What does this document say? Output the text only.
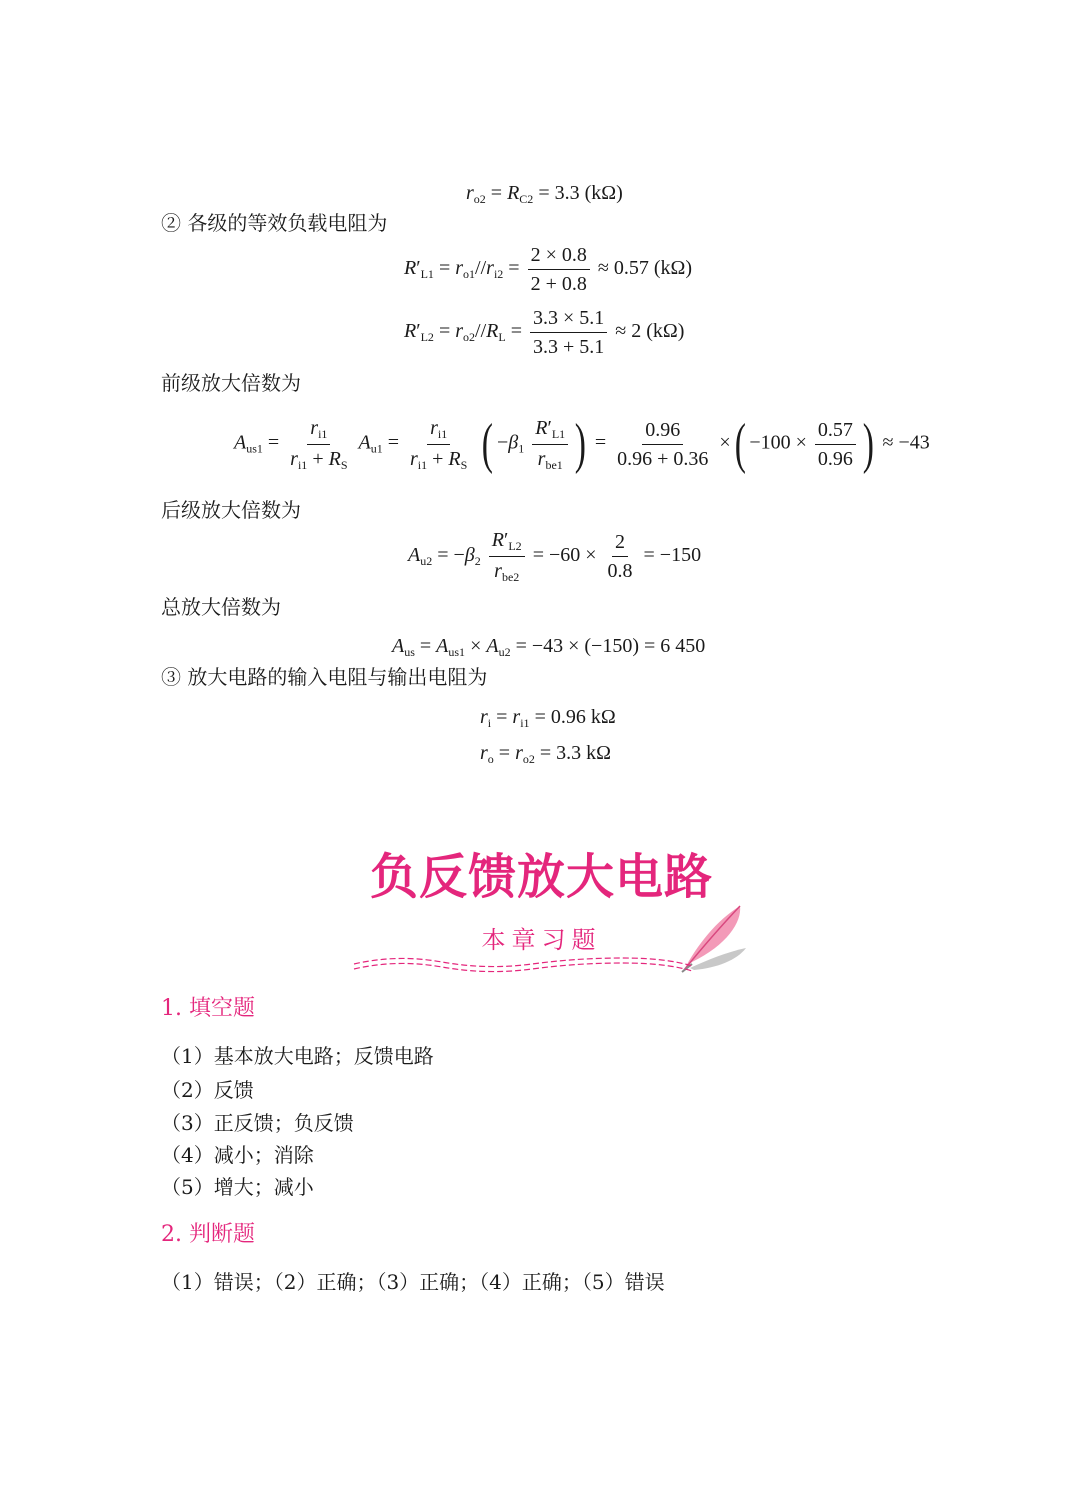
$r_{o2} = R_{C2} = 3.3$ (kΩ)
② 各级的等效负载电阻为
$R'_{L1} = r_{o1}//r_{i2} = \frac{2 \times 0.8}{2 + 0.8} \approx 0.57$ (kΩ)
$R'_{L2} = r_{o2}//R_L = \frac{3.3 \times 5.1}{3.3 + 5.1} \approx 2$ (kΩ)
前级放大倍数为
$A_{us1} = \frac{r_{i1}}{r_{i1} + R_S} A_{u1} = \frac{r_{i1}}{r_{i1} + R_S}$ ( $-\beta_1 \frac{R'_{L1}}{r_{be1}}$ ) = $\frac{0.96}{0.96 + 0.36}$ ×( $-100 \times \frac{0.57}{0.96}$ ) ≈ −43
后级放大倍数为
$A_{u2} = -\beta_2 \frac{R'_{L2}}{r_{be2}} = -60 \times \frac{2}{0.8} = -150$
总放大倍数为
$A_{us} = A_{us1} \times A_{u2} = -43 \times (-150) = 6$ 450
③ 放大电路的输入电阻与输出电阻为
$r_i = r_{i1} = 0.96$ kΩ
$r_o = r_{o2} = 3.3$ kΩ
负反馈放大电路
本章习题
1. 填空题
（1）基本放大电路；反馈电路
（2）反馈
（3）正反馈；负反馈
（4）减小；消除
（5）增大；减小
2. 判断题
（1）错误；（2）正确；（3）正确；（4）正确；（5）错误
